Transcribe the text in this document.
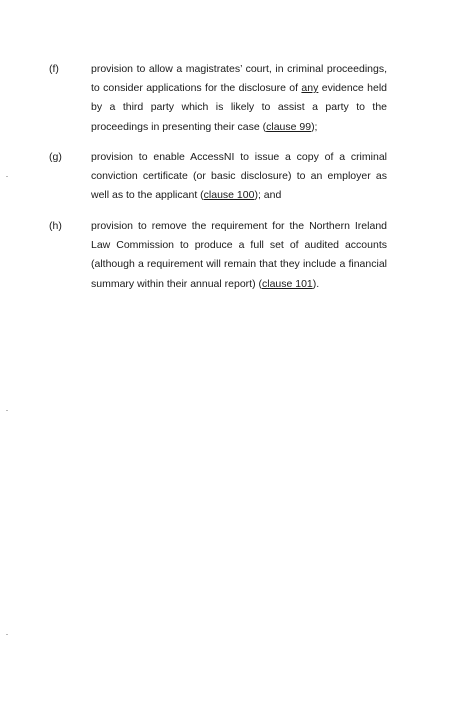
(f)	provision to allow a magistrates’ court, in criminal proceedings, to consider applications for the disclosure of any evidence held by a third party which is likely to assist a party to the proceedings in presenting their case (clause 99);
(g)	provision to enable AccessNI to issue a copy of a criminal conviction certificate (or basic disclosure) to an employer as well as to the applicant (clause 100); and
(h)	provision to remove the requirement for the Northern Ireland Law Commission to produce a full set of audited accounts (although a requirement will remain that they include a financial summary within their annual report) (clause 101).
